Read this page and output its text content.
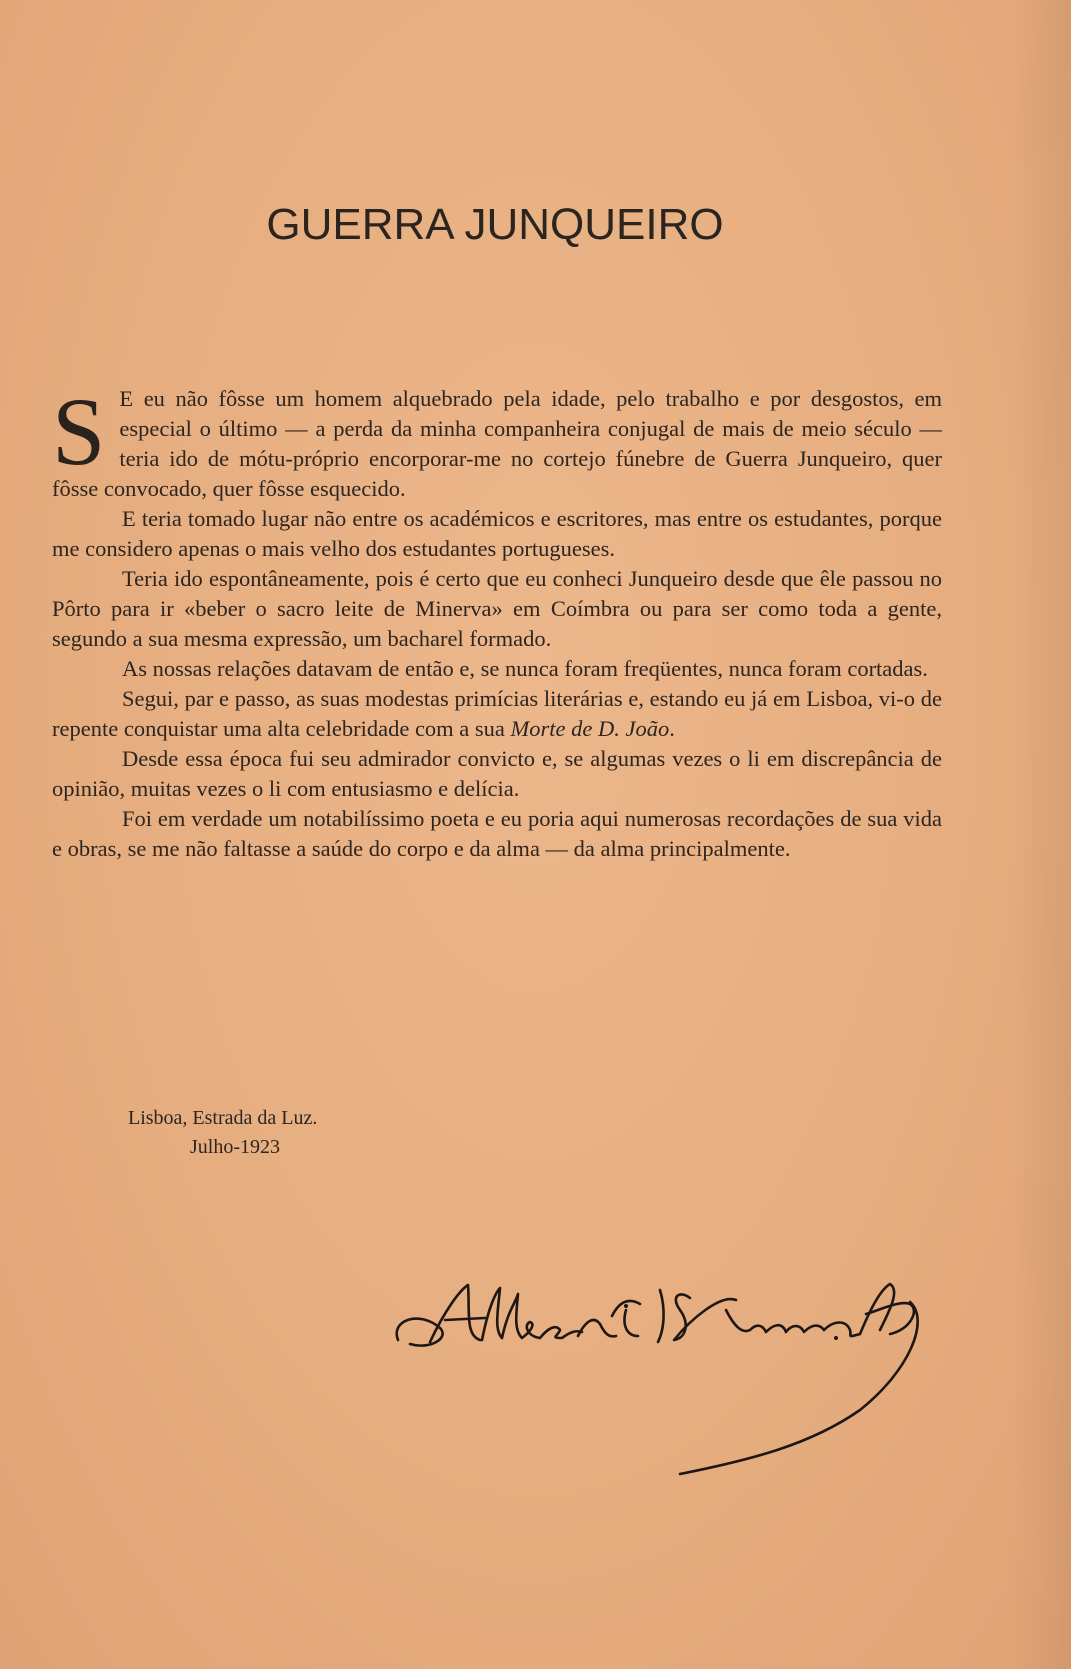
GUERRA JUNQUEIRO

S E eu não fôsse um homem alquebrado pela idade, pelo trabalho e por desgostos, em especial o último — a perda da minha companheira conjugal de mais de meio século — teria ido de mótu-próprio encorporar-me no cortejo fúnebre de Guerra Junqueiro, quer fôsse convocado, quer fôsse esquecido.

E teria tomado lugar não entre os académicos e escritores, mas entre os estudantes, porque me considero apenas o mais velho dos estudantes portugueses.

Teria ido espontâneamente, pois é certo que eu conheci Junqueiro desde que êle passou no Pôrto para ir «beber o sacro leite de Minerva» em Coímbra ou para ser como toda a gente, segundo a sua mesma expressão, um bacharel formado.

As nossas relações datavam de então e, se nunca foram freqüentes, nunca foram cortadas.

Segui, par e passo, as suas modestas primícias literárias e, estando eu já em Lisboa, vi-o de repente conquistar uma alta celebridade com a sua Morte de D. João.

Desde essa época fui seu admirador convicto e, se algumas vezes o li em discrepância de opinião, muitas vezes o li com entusiasmo e delícia.

Foi em verdade um notabilíssimo poeta e eu poria aqui numerosas recordações de sua vida e obras, se me não faltasse a saúde do corpo e da alma — da alma principalmente.

Lisboa, Estrada da Luz.
Julho-1923
